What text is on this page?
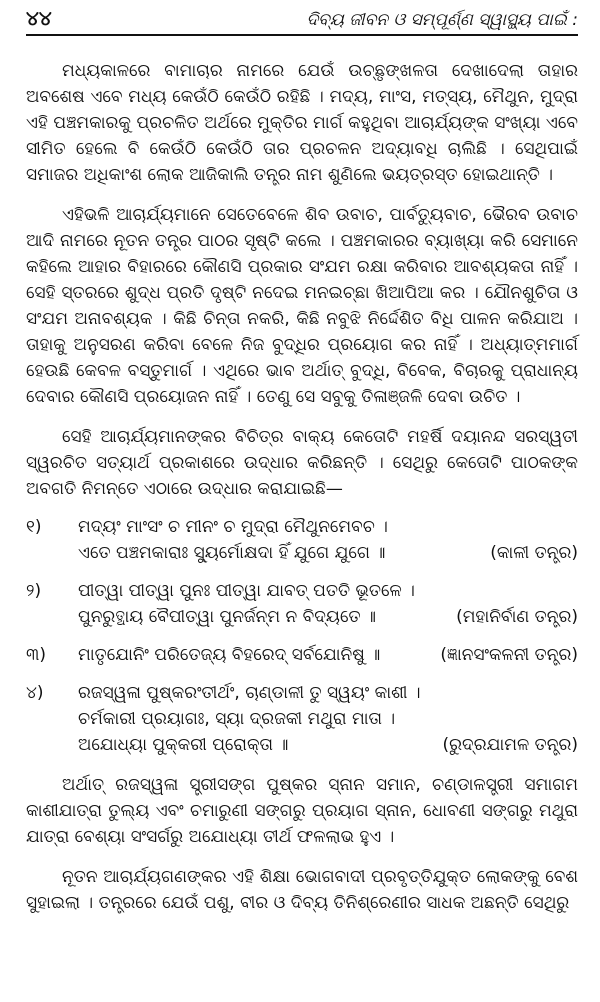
୪୪	ଦିବ୍ୟ ଜୀବନ ଓ ସମ୍ପୂର୍ଣ୍ଣ ସ୍ୱାସ୍ଥ୍ୟ ପାଇଁ :

ମଧ୍ୟକାଳରେ ବାମାଚାର ନାମରେ ଯେଉଁ ଉଚ୍ଛୃଙ୍ଖଳତା ଦେଖାଦେଲା ତାହାର ଅବଶେଷ ଏବେ ମଧ୍ୟ କେଉଁଠି କେଉଁଠି ରହିଛି । ମଦ୍ୟ, ମାଂସ, ମତ୍ସ୍ୟ, ମୈଥୁନ, ମୁଦ୍ରା ଏହି ପଞ୍ଚମକାରକୁ ପ୍ରଚଳିତ ଅର୍ଥରେ ମୁକ୍ତିର ମାର୍ଗ କହୁଥିବା ଆଚାର୍ଯ୍ୟଙ୍କ ସଂଖ୍ୟା ଏବେ ସୀମିତ ହେଲେ ବି କେଉଁଠି କେଉଁଠି ତାର ପ୍ରଚଳନ ଅଦ୍ୟାବଧି ଚାଲିଛି । ସେଥିପାଇଁ ସମାଜର ଅଧିକାଂଶ ଲୋକ ଆଜିକାଲି ତନ୍ତ୍ର ନାମ ଶୁଣିଲେ ଭୟତ୍ରସ୍ତ ହୋଇଥାନ୍ତି ।

ଏହିଭଳି ଆଚାର୍ଯ୍ୟମାନେ ସେତେବେଳେ ଶିବ ଉବାଚ, ପାର୍ବତ୍ୟୁବାଚ, ଭୈରବ ଉବାଚ ଆଦି ନାମରେ ନୂତନ ତନ୍ତ୍ର ପାଠର ସୃଷ୍ଟି କଲେ । ପଞ୍ଚମକାରର ବ୍ୟାଖ୍ୟା କରି ସେମାନେ କହିଲେ ଆହାର ବିହାରରେ କୌଣସି ପ୍ରକାର ସଂଯମ ରକ୍ଷା କରିବାର ଆବଶ୍ୟକତା ନାହିଁ । ସେହି ସ୍ତରରେ ଶୁଦ୍ଧ ପ୍ରତି ଦୃଷ୍ଟି ନଦେଇ ମନଇଚ୍ଛା ଖିଆପିଆ କର । ଯୌନଶୁଚିତା ଓ ସଂଯମ ଅନାବଶ୍ୟକ । କିଛି ଚିନ୍ତା ନକରି, କିଛି ନବୁଝି ନିର୍ଦ୍ଦେଶିତ ବିଧି ପାଳନ କରିଯାଅ । ତାହାକୁ ଅନୁସରଣ କରିବା ବେଳେ ନିଜ ବୁଦ୍ଧିର ପ୍ରୟୋଗ କର ନାହିଁ । ଅଧ୍ୟାତ୍ମମାର୍ଗ ହେଉଛି କେବଳ ବସ୍ତୁମାର୍ଗ । ଏଥିରେ ଭାବ ଅର୍ଥାତ୍ ବୁଦ୍ଧି, ବିବେକ, ବିଚାରକୁ ପ୍ରାଧାନ୍ୟ ଦେବାର କୌଣସି ପ୍ରୟୋଜନ ନାହିଁ । ତେଣୁ ସେ ସବୁକୁ ତିଳାଞ୍ଜଳି ଦେବା ଉଚିତ ।

ସେହି ଆଚାର୍ଯ୍ୟମାନଙ୍କର ବିଚିତ୍ର ବାକ୍ୟ କେତୋଟି ମହର୍ଷି ଦୟାନନ୍ଦ ସରସ୍ୱତୀ ସ୍ୱରଚିତ ସତ୍ୟାର୍ଥ ପ୍ରକାଶରେ ଉଦ୍ଧାର କରିଛନ୍ତି । ସେଥିରୁ କେତୋଟି ପାଠକଙ୍କ ଅବଗତି ନିମନ୍ତେ ଏଠାରେ ଉଦ୍ଧାର କରାଯାଇଛି—

୧)	ମଦ୍ୟଂ ମାଂସଂ ଚ ମୀନଂ ଚ ମୁଦ୍ରା ମୈଥୁନମେବଚ ।
ଏତେ ପଞ୍ଚମକାରାଃ ସ୍ୟୁର୍ମୋକ୍ଷଦା ହିଁ ଯୁଗେ ଯୁଗେ ॥	(କାଳୀ ତନ୍ତ୍ର)
୨)	ପୀତ୍ୱା ପୀତ୍ୱା ପୁନଃ ପୀତ୍ୱା ଯାବତ୍ ପତତି ଭୂତଳେ ।
ପୁନରୁତ୍ଥାୟ ବୈପୀତ୍ୱା ପୁନର୍ଜନ୍ମ ନ ବିଦ୍ୟତେ ॥	(ମହାନିର୍ବାଣ ତନ୍ତ୍ର)
୩)	ମାତୃଯୋନିଂ ପରିତେଜ୍ୟ ବିହରେଦ୍ ସର୍ବଯୋନିଷୁ ॥	(ଜ୍ଞାନସଂକଳନୀ ତନ୍ତ୍ର)
୪)	ରଜସ୍ୱଳା ପୁଷ୍କରଂତୀର୍ଥଂ, ଚାଣ୍ଡାଳୀ ତୁ ସ୍ୱୟଂ କାଶୀ ।
ଚର୍ମକାରୀ ପ୍ରୟାଗଃ, ସ୍ୟା ଦ୍ରଜକୀ ମଥୁରା ମାତା ।
ଅଯୋଧ୍ୟା ପୁକ୍‌କରୀ ପ୍ରୋକ୍ତା ॥	(ରୁଦ୍ରଯାମଳ ତନ୍ତ୍ର)

ଅର୍ଥାତ୍ ରଜସ୍ୱଳା ସ୍ତ୍ରୀସଙ୍ଗ ପୁଷ୍କର ସ୍ନାନ ସମାନ, ଚଣ୍ଡାଳସ୍ତ୍ରୀ ସମାଗମ କାଶୀଯାତ୍ରା ତୁଲ୍ୟ ଏବଂ ଚମାରୁଣୀ ସଙ୍ଗରୁ ପ୍ରୟାଗ ସ୍ନାନ, ଧୋବଣୀ ସଙ୍ଗରୁ ମଥୁରା ଯାତ୍ରା ବେଶ୍ୟା ସଂସର୍ଗରୁ ଅଯୋଧ୍ୟା ତୀର୍ଥ ଫଳଲାଭ ହୁଏ ।

ନୂତନ ଆଚାର୍ଯ୍ୟଗଣଙ୍କର ଏହି ଶିକ୍ଷା ଭୋଗବାଦୀ ପ୍ରବୃତ୍ତିଯୁକ୍ତ ଲୋକଙ୍କୁ ବେଶ ସୁହାଇଲା । ତନ୍ତ୍ରରେ ଯେଉଁ ପଶୁ, ବୀର ଓ ଦିବ୍ୟ ତିନିଶ୍ରେଣୀର ସାଧକ ଅଛନ୍ତି ସେଥିରୁ
